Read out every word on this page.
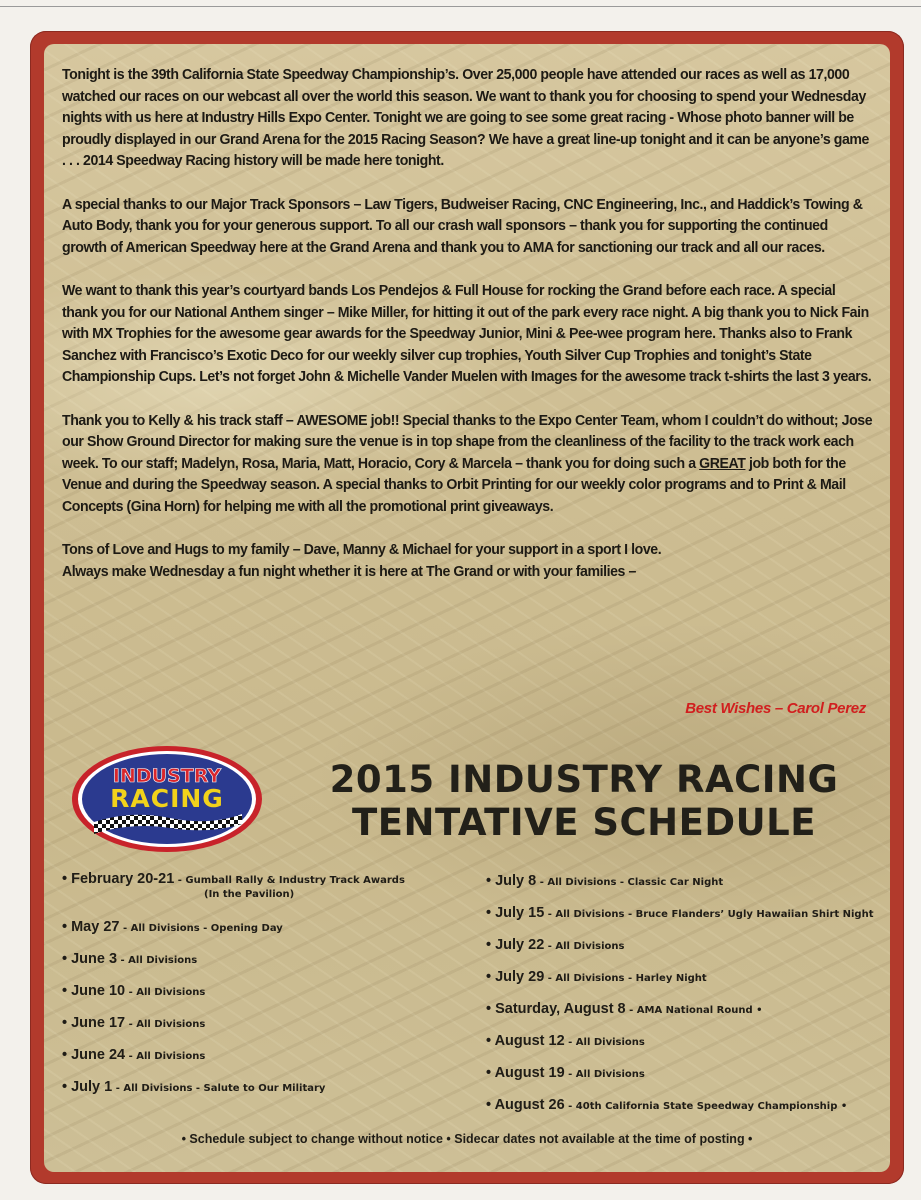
Tonight is the 39th California State Speedway Championship’s. Over 25,000 people have attended our races as well as 17,000 watched our races on our webcast all over the world this season. We want to thank you for choosing to spend your Wednesday nights with us here at Industry Hills Expo Center. Tonight we are going to see some great racing - Whose photo banner will be proudly displayed in our Grand Arena for the 2015 Racing Season? We have a great line-up tonight and it can be anyone’s game . . . 2014 Speedway Racing history will be made here tonight.

A special thanks to our Major Track Sponsors – Law Tigers, Budweiser Racing, CNC Engineering, Inc., and Haddick’s Towing & Auto Body, thank you for your generous support. To all our crash wall sponsors – thank you for supporting the continued growth of American Speedway here at the Grand Arena and thank you to AMA for sanctioning our track and all our races.

We want to thank this year’s courtyard bands Los Pendejos & Full House for rocking the Grand before each race. A special thank you for our National Anthem singer – Mike Miller, for hitting it out of the park every race night. A big thank you to Nick Fain with MX Trophies for the awesome gear awards for the Speedway Junior, Mini & Pee-wee program here. Thanks also to Frank Sanchez with Francisco’s Exotic Deco for our weekly silver cup trophies, Youth Silver Cup Trophies and tonight’s State Championship Cups. Let’s not forget John & Michelle Vander Muelen with Images for the awesome track t-shirts the last 3 years.

Thank you to Kelly & his track staff – AWESOME job!! Special thanks to the Expo Center Team, whom I couldn’t do without; Jose our Show Ground Director for making sure the venue is in top shape from the cleanliness of the facility to the track work each week. To our staff; Madelyn, Rosa, Maria, Matt, Horacio, Cory & Marcela – thank you for doing such a GREAT job both for the Venue and during the Speedway season. A special thanks to Orbit Printing for our weekly color programs and to Print & Mail Concepts (Gina Horn) for helping me with all the promotional print giveaways.

Tons of Love and Hugs to my family – Dave, Manny & Michael for your support in a sport I love.
Always make Wednesday a fun night whether it is here at The Grand or with your families –

Best Wishes – Carol Perez
INDUSTRY
RACING	2015 INDUSTRY RACING
TENTATIVE SCHEDULE
• February 20-21 - Gumball Rally & Industry Track Awards
(In the Pavilion)
• May 27 - All Divisions - Opening Day
• June 3 - All Divisions
• June 10 - All Divisions
• June 17 - All Divisions
• June 24 - All Divisions
• July 1 - All Divisions - Salute to Our Military
• July 8 - All Divisions - Classic Car Night
• July 15 - All Divisions - Bruce Flanders’ Ugly Hawaiian Shirt Night
• July 22 - All Divisions
• July 29 - All Divisions - Harley Night
• Saturday, August 8 - AMA National Round •
• August 12 - All Divisions
• August 19 - All Divisions
• August 26 - 40th California State Speedway Championship •
• Schedule subject to change without notice • Sidecar dates not available at the time of posting •
